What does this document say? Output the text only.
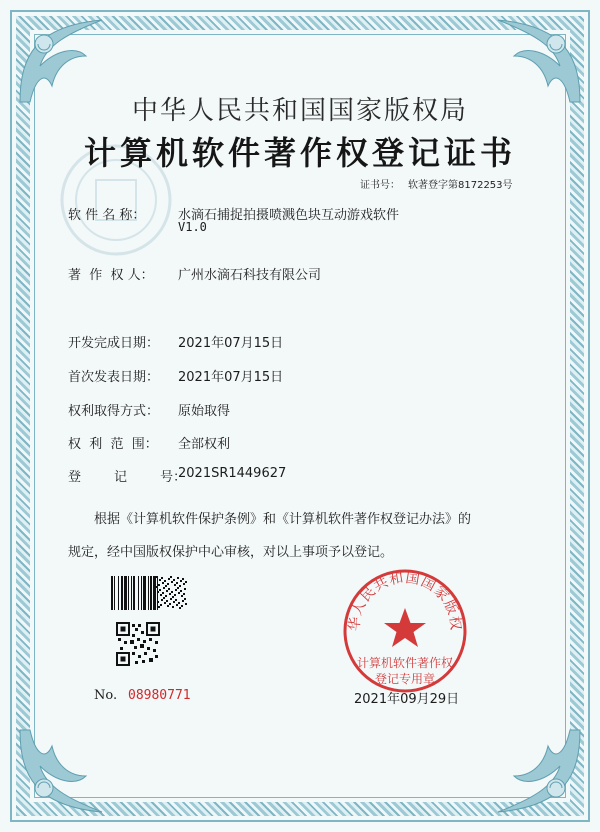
中华人民共和国国家版权局
计算机软件著作权登记证书
证书号： 软著登字第8172253号
软 件 名 称：	水滴石捕捉拍摄喷溅色块互动游戏软件
V1.0
著  作  权 人： 广州水滴石科技有限公司
开发完成日期： 2021年07月15日
首次发表日期： 2021年07月15日
权利取得方式： 原始取得
权  利  范  围： 全部权利
登        记        号：
2021SR1449627
根据《计算机软件保护条例》和《计算机软件著作权登记办法》的
规定，经中国版权保护中心审核，对以上事项予以登记。
No. 08980771
华人民共和国国家版权
计算机软件著作权
登记专用章
2021年09月29日
